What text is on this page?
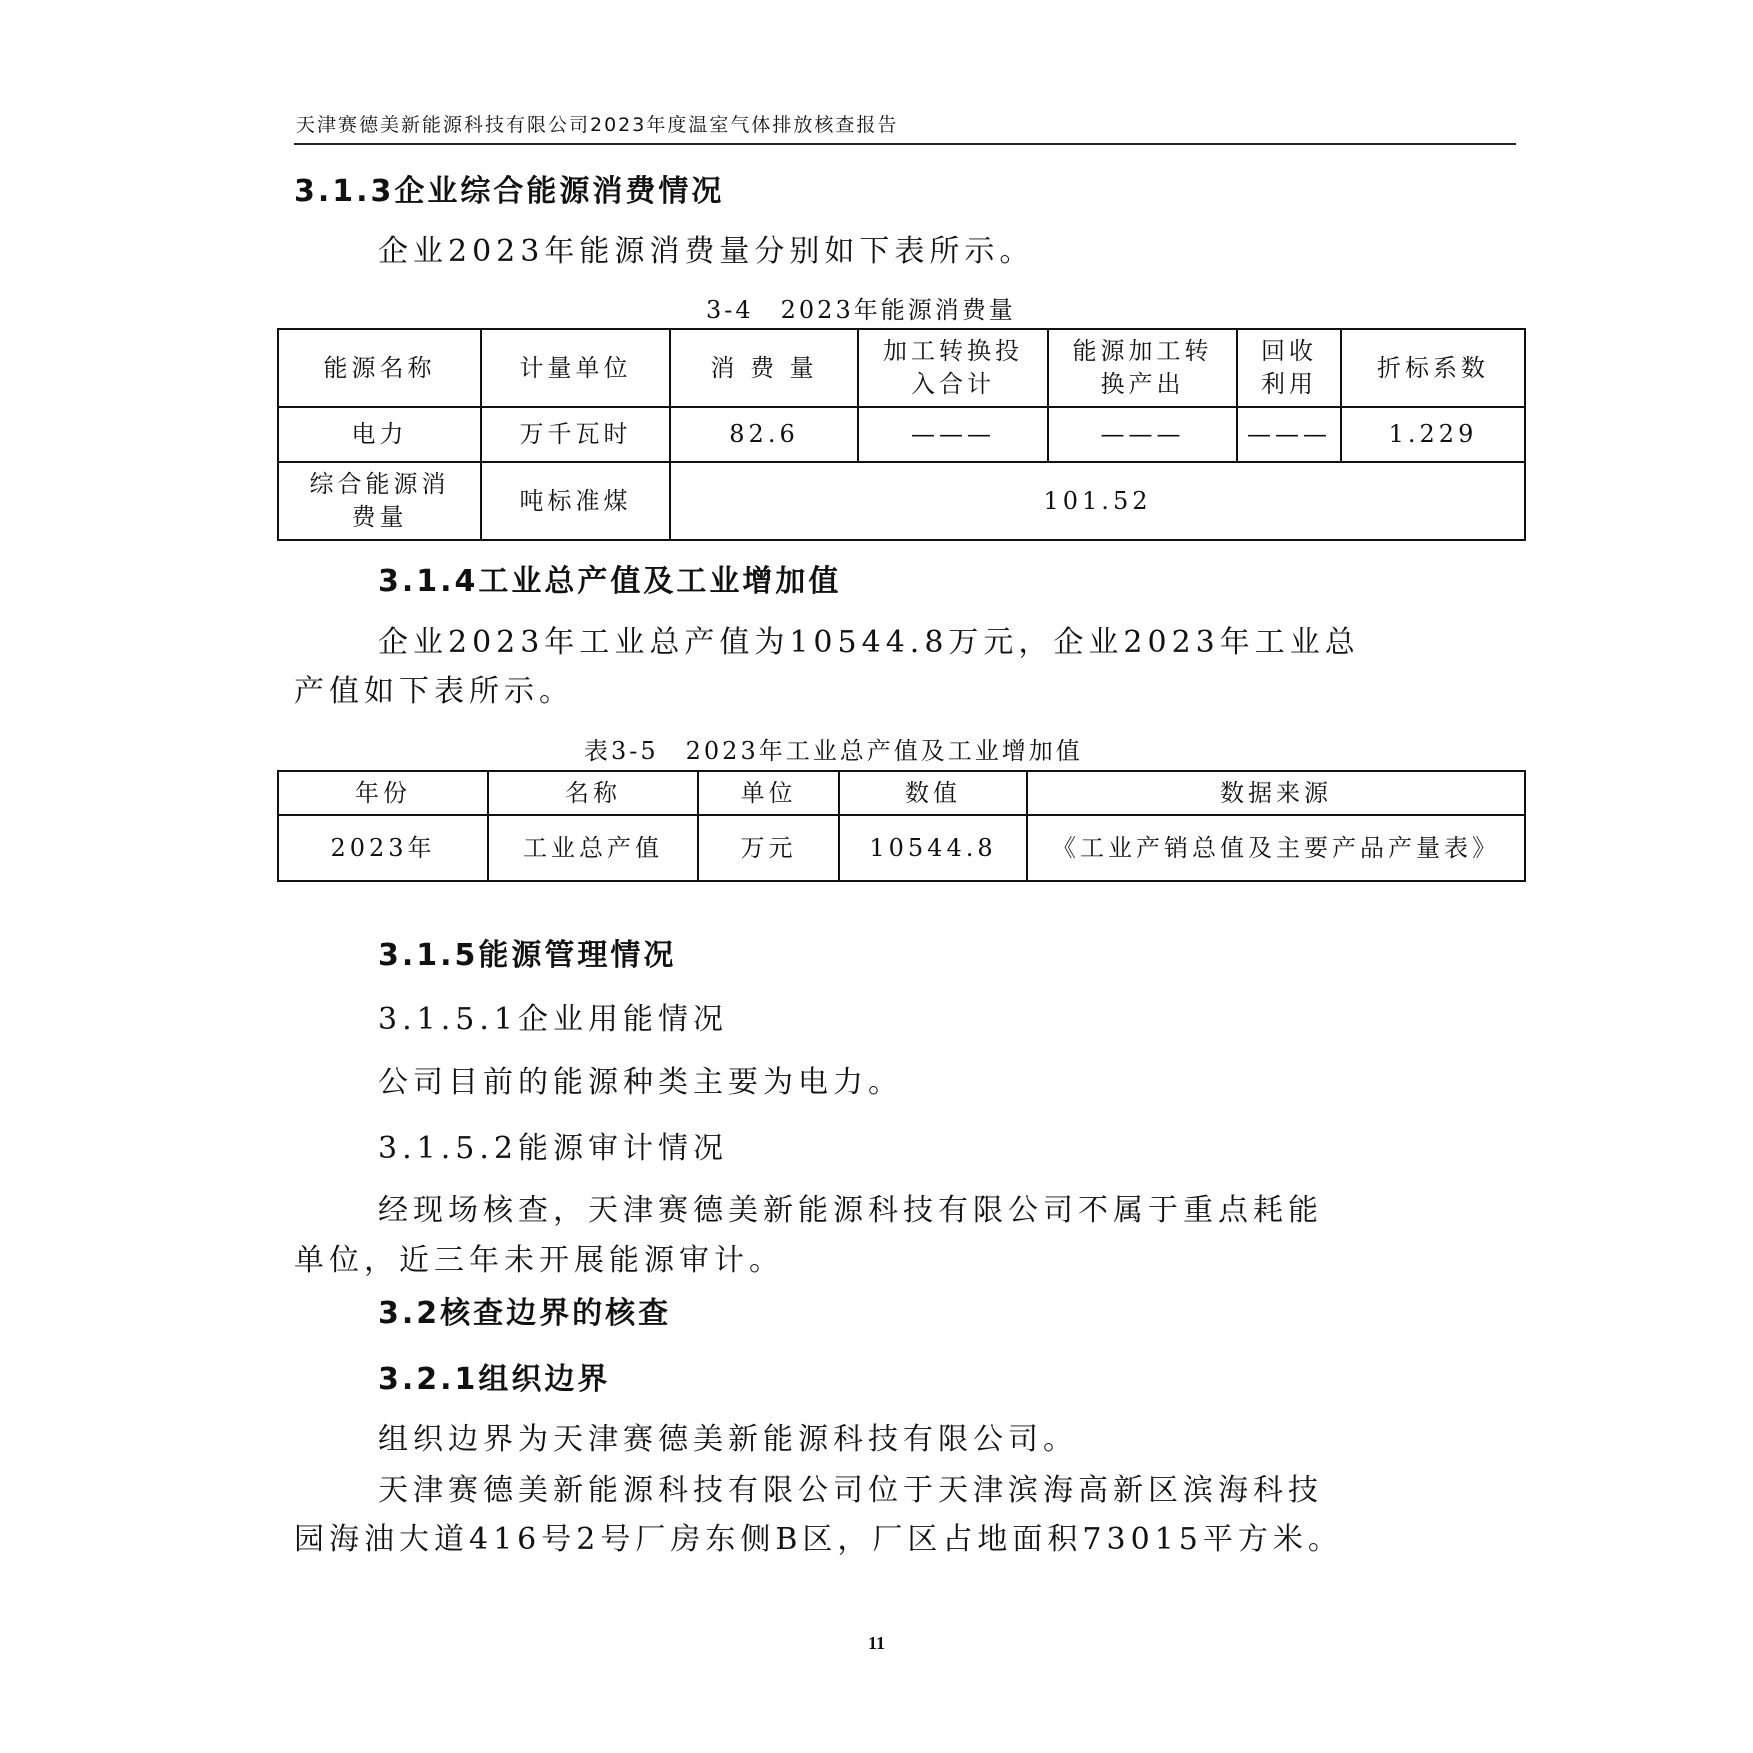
天津赛德美新能源科技有限公司2023年度温室气体排放核查报告
3.1.3企业综合能源消费情况
企业2023年能源消费量分别如下表所示。
3-4　2023年能源消费量
能源名称	计量单位	消 费 量	加工转换投入合计	能源加工转换产出	回收利用	折标系数
电力	万千瓦时	82.6	———	———	———	1.229
综合能源消费量	吨标准煤	101.52				
3.1.4工业总产值及工业增加值
企业2023年工业总产值为10544.8万元，企业2023年工业总
产值如下表所示。
表3-5　2023年工业总产值及工业增加值
年份	名称	单位	数值	数据来源
2023年	工业总产值	万元	10544.8	《工业产销总值及主要产品产量表》
3.1.5能源管理情况
3.1.5.1企业用能情况
公司目前的能源种类主要为电力。
3.1.5.2能源审计情况
经现场核查，天津赛德美新能源科技有限公司不属于重点耗能
单位，近三年未开展能源审计。
3.2核查边界的核查
3.2.1组织边界
组织边界为天津赛德美新能源科技有限公司。
天津赛德美新能源科技有限公司位于天津滨海高新区滨海科技
园海油大道416号2号厂房东侧B区，厂区占地面积73015平方米。
11
